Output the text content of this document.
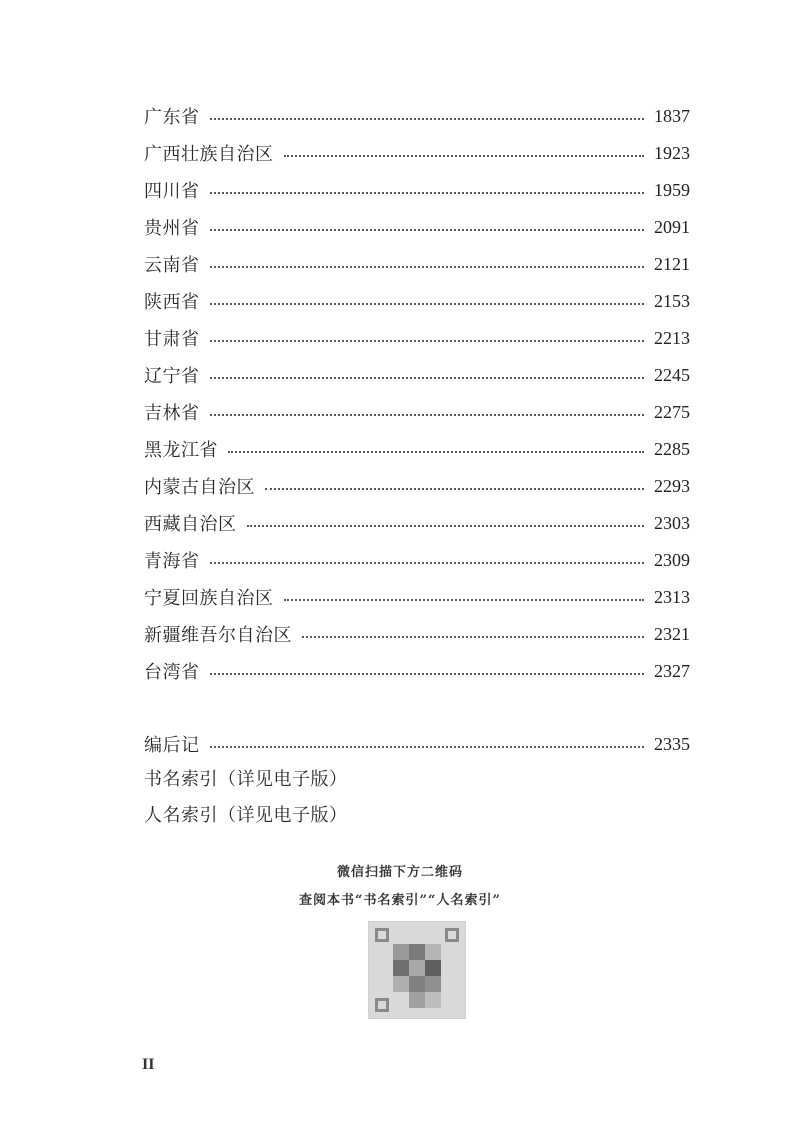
广东省	1837
广西壮族自治区	1923
四川省	1959
贵州省	2091
云南省	2121
陕西省	2153
甘肃省	2213
辽宁省	2245
吉林省	2275
黑龙江省	2285
内蒙古自治区	2293
西藏自治区	2303
青海省	2309
宁夏回族自治区	2313
新疆维吾尔自治区	2321
台湾省	2327
编后记	2335
书名索引（详见电子版）
人名索引（详见电子版）
微信扫描下方二维码
查阅本书“书名索引”“人名索引”
II
